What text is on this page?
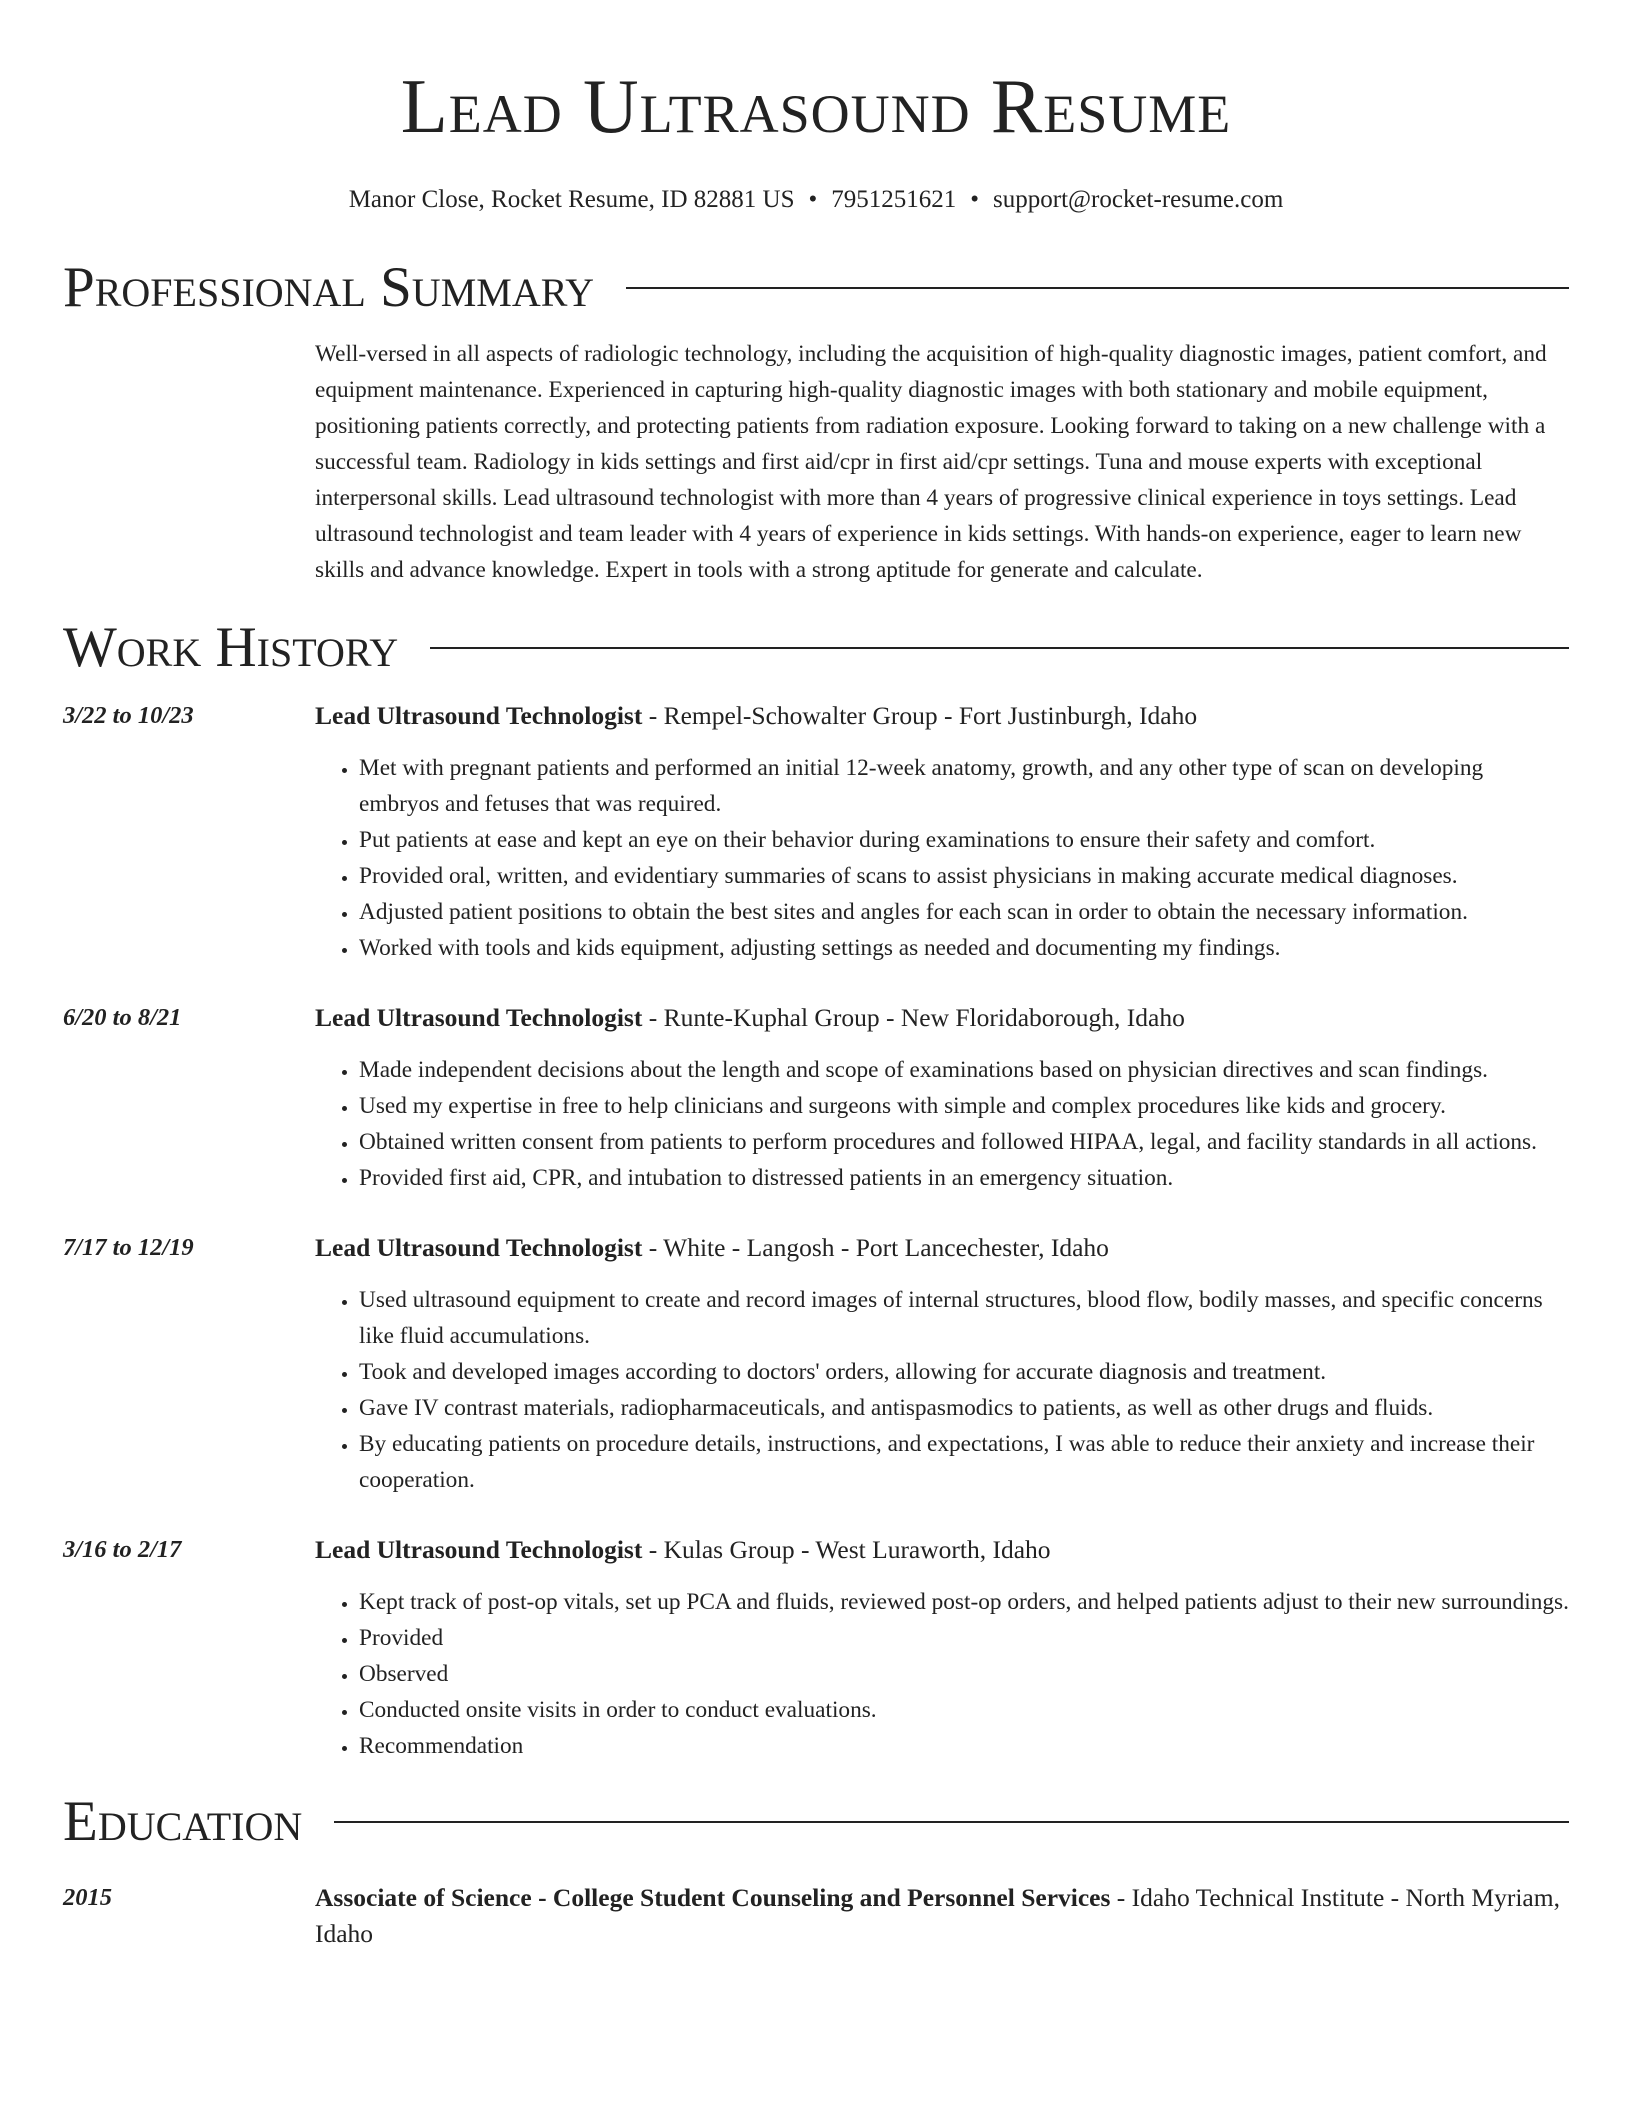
Lead Ultrasound Resume
Manor Close, Rocket Resume, ID 82881 US • 7951251621 • support@rocket-resume.com
Professional Summary

Well-versed in all aspects of radiologic technology, including the acquisition of high-quality diagnostic images, patient comfort, and equipment maintenance. Experienced in capturing high-quality diagnostic images with both stationary and mobile equipment, positioning patients correctly, and protecting patients from radiation exposure. Looking forward to taking on a new challenge with a successful team. Radiology in kids settings and first aid/cpr in first aid/cpr settings. Tuna and mouse experts with exceptional interpersonal skills. Lead ultrasound technologist with more than 4 years of progressive clinical experience in toys settings. Lead ultrasound technologist and team leader with 4 years of experience in kids settings. With hands-on experience, eager to learn new skills and advance knowledge. Expert in tools with a strong aptitude for generate and calculate.

Work History
3/22 to 10/23	Lead Ultrasound Technologist - Rempel-Schowalter Group - Fort Justinburgh, Idaho
• Met with pregnant patients and performed an initial 12-week anatomy, growth, and any other type of scan on developing embryos and fetuses that was required.
• Put patients at ease and kept an eye on their behavior during examinations to ensure their safety and comfort.
• Provided oral, written, and evidentiary summaries of scans to assist physicians in making accurate medical diagnoses.
• Adjusted patient positions to obtain the best sites and angles for each scan in order to obtain the necessary information.
• Worked with tools and kids equipment, adjusting settings as needed and documenting my findings.
6/20 to 8/21	Lead Ultrasound Technologist - Runte-Kuphal Group - New Floridaborough, Idaho
• Made independent decisions about the length and scope of examinations based on physician directives and scan findings.
• Used my expertise in free to help clinicians and surgeons with simple and complex procedures like kids and grocery.
• Obtained written consent from patients to perform procedures and followed HIPAA, legal, and facility standards in all actions.
• Provided first aid, CPR, and intubation to distressed patients in an emergency situation.
7/17 to 12/19	Lead Ultrasound Technologist - White - Langosh - Port Lancechester, Idaho
• Used ultrasound equipment to create and record images of internal structures, blood flow, bodily masses, and specific concerns like fluid accumulations.
• Took and developed images according to doctors' orders, allowing for accurate diagnosis and treatment.
• Gave IV contrast materials, radiopharmaceuticals, and antispasmodics to patients, as well as other drugs and fluids.
• By educating patients on procedure details, instructions, and expectations, I was able to reduce their anxiety and increase their cooperation.
3/16 to 2/17	Lead Ultrasound Technologist - Kulas Group - West Luraworth, Idaho
• Kept track of post-op vitals, set up PCA and fluids, reviewed post-op orders, and helped patients adjust to their new surroundings.
• Provided
• Observed
• Conducted onsite visits in order to conduct evaluations.
• Recommendation
Education
2015	Associate of Science - College Student Counseling and Personnel Services - Idaho Technical Institute - North Myriam, Idaho
